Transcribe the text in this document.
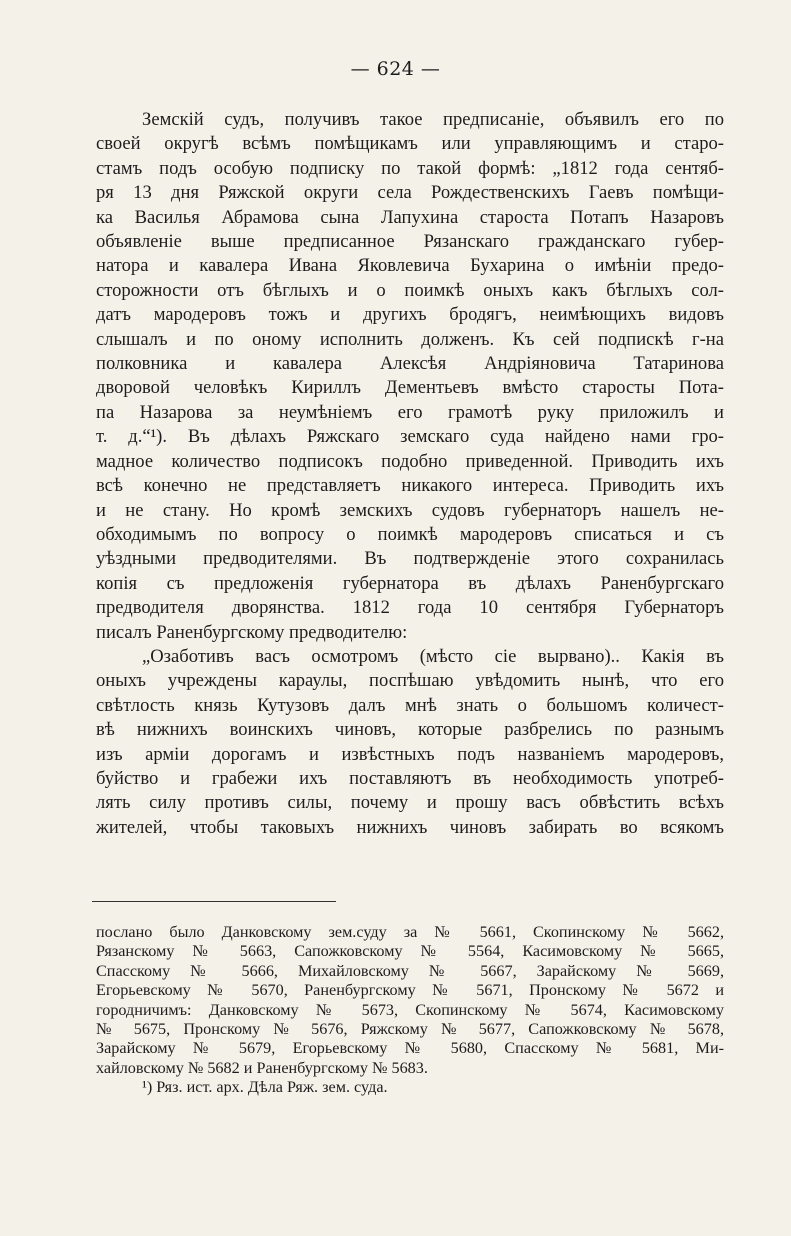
— 624 —
Земскій судъ, получивъ такое предписаніе, объявилъ его по
своей округѣ всѣмъ помѣщикамъ или управляющимъ и старо-
стамъ подъ особую подписку по такой формѣ: „1812 года сентяб-
ря 13 дня Ряжской округи села Рождественскихъ Гаевъ помѣщи-
ка Василья Абрамова сына Лапухина староста Потапъ Назаровъ
объявленіе выше предписанное Рязанскаго гражданскаго губер-
натора и кавалера Ивана Яковлевича Бухарина о имѣніи предо-
сторожности отъ бѣглыхъ и о поимкѣ оныхъ какъ бѣглыхъ сол-
датъ мародеровъ тожъ и другихъ бродягъ, неимѣющихъ видовъ
слышалъ и по оному исполнить долженъ. Къ сей подпискѣ г-на
полковника и кавалера Алексѣя Андріяновича Татаринова
дворовой человѣкъ Кириллъ Дементьевъ вмѣсто старосты Пота-
па Назарова за неумѣніемъ его грамотѣ руку приложилъ и
т. д.“¹). Въ дѣлахъ Ряжскаго земскаго суда найдено нами гро-
мадное количество подписокъ подобно приведенной. Приводить ихъ
всѣ конечно не представляетъ никакого интереса. Приводить ихъ
и не стану. Но кромѣ земскихъ судовъ губернаторъ нашелъ не-
обходимымъ по вопросу о поимкѣ мародеровъ списаться и съ
уѣздными предводителями. Въ подтвержденіе этого сохранилась
копія съ предложенія губернатора въ дѣлахъ Раненбургскаго
предводителя дворянства. 1812 года 10 сентября Губернаторъ
писалъ Раненбургскому предводителю:
„Озаботивъ васъ осмотромъ (мѣсто сіе вырвано).. Какія въ
оныхъ учреждены караулы, поспѣшаю увѣдомить нынѣ, что его
свѣтлость князь Кутузовъ далъ мнѣ знать о большомъ количест-
вѣ нижнихъ воинскихъ чиновъ, которые разбрелись по разнымъ
изъ арміи дорогамъ и извѣстныхъ подъ названіемъ мародеровъ,
буйство и грабежи ихъ поставляютъ въ необходимость употреб-
лять силу противъ силы, почему и прошу васъ обвѣстить всѣхъ
жителей, чтобы таковыхъ нижнихъ чиновъ забирать во всякомъ
послано было Данковскому зем.суду за № 5661, Скопинскому № 5662,
Рязанскому № 5663, Сапожковскому № 5564, Касимовскому № 5665,
Спасскому № 5666, Михайловскому № 5667, Зарайскому № 5669,
Егорьевскому № 5670, Раненбургскому № 5671, Пронскому № 5672 и
городничимъ: Данковскому № 5673, Скопинскому № 5674, Касимовскому
№ 5675, Пронскому № 5676, Ряжскому № 5677, Сапожковскому № 5678,
Зарайскому № 5679, Егорьевскому № 5680, Спасскому № 5681, Ми-
хайловскому № 5682 и Раненбургскому № 5683.
¹) Ряз. ист. арх. Дѣла Ряж. зем. суда.
